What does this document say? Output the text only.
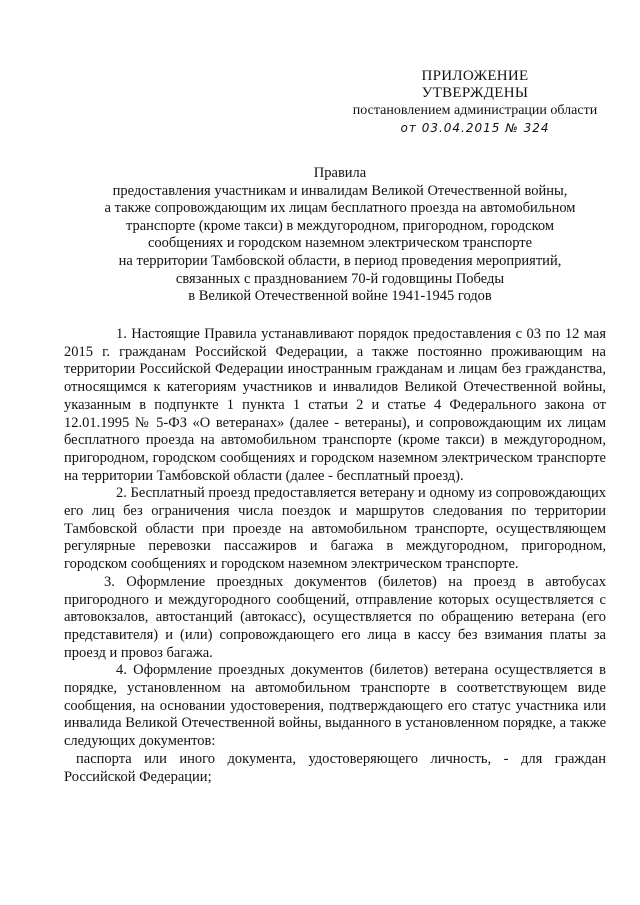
ПРИЛОЖЕНИЕ
УТВЕРЖДЕНЫ
постановлением администрации области
от 03.04.2015 № 324
Правила
предоставления участникам и инвалидам Великой Отечественной войны,
а также сопровождающим их лицам бесплатного проезда на автомобильном
транспорте (кроме такси) в междугородном, пригородном, городском
сообщениях и городском наземном электрическом транспорте
на территории Тамбовской области, в период проведения мероприятий,
связанных с празднованием 70-й годовщины Победы
в Великой Отечественной войне 1941-1945 годов

1. Настоящие Правила устанавливают порядок предоставления с 03 по 12 мая 2015 г. гражданам Российской Федерации, а также постоянно проживающим на территории Российской Федерации иностранным гражданам и лицам без гражданства, относящимся к категориям участников и инвалидов Великой Отечественной войны, указанным в подпункте 1 пункта 1 статьи 2 и статье 4 Федерального закона от 12.01.1995 № 5-ФЗ «О ветеранах» (далее - ветераны), и сопровождающим их лицам бесплатного проезда на автомобильном транспорте (кроме такси) в междугородном, пригородном, городском сообщениях и городском наземном электрическом транспорте на территории Тамбовской области (далее - бесплатный проезд).

2. Бесплатный проезд предоставляется ветерану и одному из сопровождающих его лиц без ограничения числа поездок и маршрутов следования по территории Тамбовской области при проезде на автомобильном транспорте, осуществляющем регулярные перевозки пассажиров и багажа в междугородном, пригородном, городском сообщениях и городском наземном электрическом транспорте.

3. Оформление проездных документов (билетов) на проезд в автобусах пригородного и междугородного сообщений, отправление которых осуществляется с автовокзалов, автостанций (автокасс), осуществляется по обращению ветерана (его представителя) и (или) сопровождающего его лица в кассу без взимания платы за проезд и провоз багажа.

4. Оформление проездных документов (билетов) ветерана осуществляется в порядке, установленном на автомобильном транспорте в соответствующем виде сообщения, на основании удостоверения, подтверждающего его статус участника или инвалида Великой Отечественной войны, выданного в установленном порядке, а также следующих документов:

паспорта или иного документа, удостоверяющего личность, - для граждан Российской Федерации;
